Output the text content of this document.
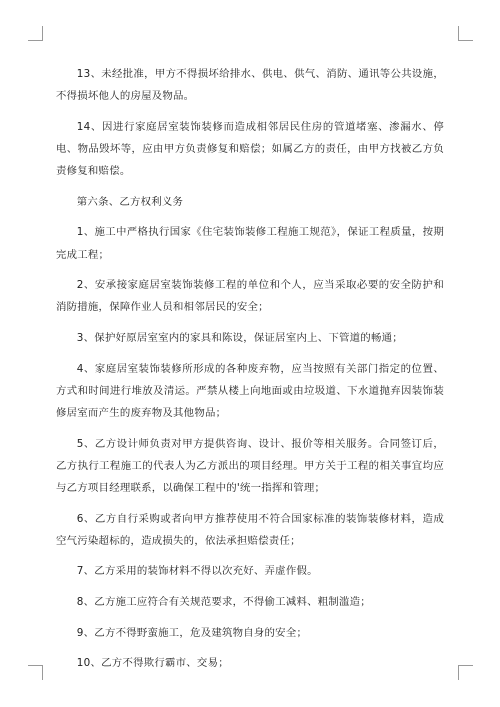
13、未经批准，甲方不得损坏给排水、供电、供气、消防、通讯等公共设施，不得损坏他人的房屋及物品。

14、因进行家庭居室装饰装修而造成相邻居民住房的管道堵塞、渗漏水、停电、物品毁坏等，应由甲方负责修复和赔偿；如属乙方的责任，由甲方找被乙方负责修复和赔偿。

第六条、乙方权利义务

1、施工中严格执行国家《住宅装饰装修工程施工规范》，保证工程质量，按期完成工程；

2、安承接家庭居室装饰装修工程的单位和个人，应当采取必要的安全防护和消防措施，保障作业人员和相邻居民的安全；

3、保护好原居室室内的家具和陈设，保证居室内上、下管道的畅通；

4、家庭居室装饰装修所形成的各种废弃物，应当按照有关部门指定的位置、方式和时间进行堆放及清运。严禁从楼上向地面或由垃圾道、下水道抛弃因装饰装修居室而产生的废弃物及其他物品；

5、乙方设计师负责对甲方提供咨询、设计、报价等相关服务。合同签订后，乙方执行工程施工的代表人为乙方派出的项目经理。甲方关于工程的相关事宜均应与乙方项目经理联系，以确保工程中的'统一指挥和管理；

6、乙方自行采购或者向甲方推荐使用不符合国家标准的装饰装修材料，造成空气污染超标的，造成损失的，依法承担赔偿责任；

7、乙方采用的装饰材料不得以次充好、弄虚作假。

8、乙方施工应符合有关规范要求，不得偷工减料、粗制滥造；

9、乙方不得野蛮施工，危及建筑物自身的安全；

10、乙方不得欺行霸市、交易；
